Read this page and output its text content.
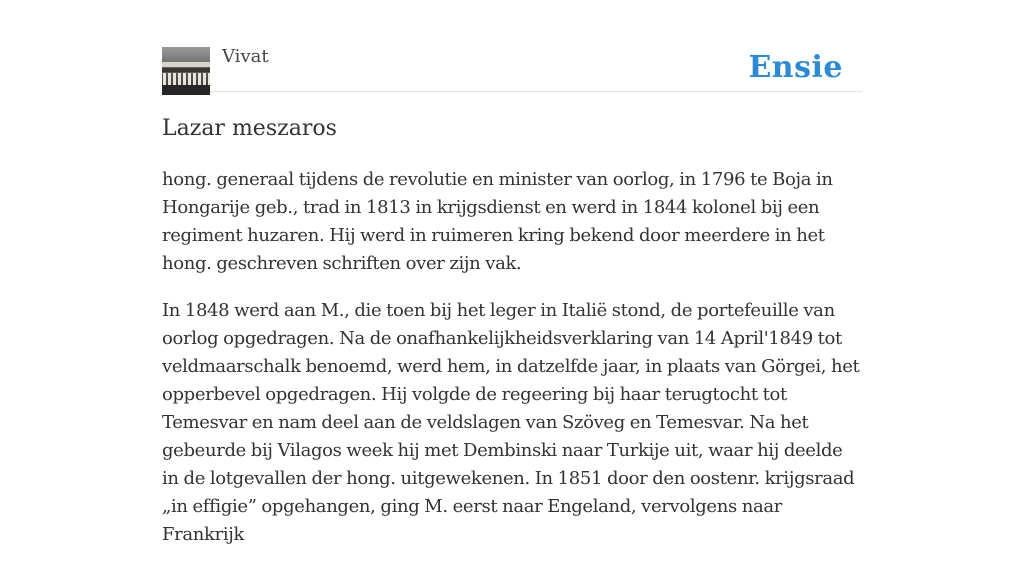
Vivat	Ensie
Lazar meszaros

hong. generaal tijdens de revolutie en minister van oorlog, in 1796 te Boja in Hongarije geb., trad in 1813 in krijgsdienst en werd in 1844 kolonel bij een regiment huzaren. Hij werd in ruimeren kring bekend door meerdere in het hong. geschreven schriften over zijn vak.

In 1848 werd aan M., die toen bij het leger in Italië stond, de portefeuille van oorlog opgedragen. Na de onafhankelijkheidsverklaring van 14 April'1849 tot veldmaarschalk benoemd, werd hem, in datzelfde jaar, in plaats van Görgei, het opperbevel opgedragen. Hij volgde de regeering bij haar terugtocht tot Temesvar en nam deel aan de veldslagen van Szöveg en Temesvar. Na het gebeurde bij Vilagos week hij met Dembinski naar Turkije uit, waar hij deelde in de lotgevallen der hong. uitgewekenen. In 1851 door den oostenr. krijgsraad „in effigie” opgehangen, ging M. eerst naar Engeland, vervolgens naar Frankrijk
